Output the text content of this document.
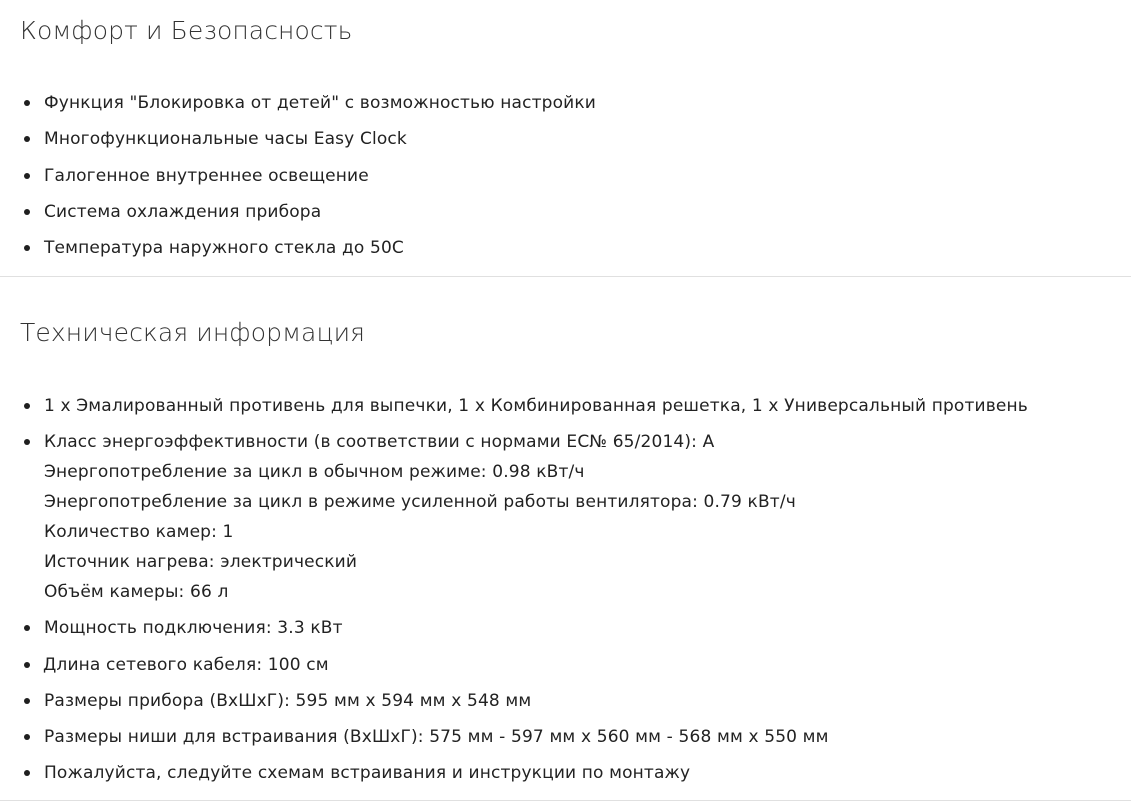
Комфорт и Безопасность
Функция "Блокировка от детей" с возможностью настройки
Многофункциональные часы Easy Clock
Галогенное внутреннее освещение
Система охлаждения прибора
Температура наружного стекла до 50С
Техническая информация
1 х Эмалированный противень для выпечки, 1 х Комбинированная решетка, 1 х Универсальный противень
Класс энергоэффективности (в соответствии с нормами EC№ 65/2014): A
Энергопотребление за цикл в обычном режиме: 0.98 кВт/ч
Энергопотребление за цикл в режиме усиленной работы вентилятора: 0.79 кВт/ч
Количество камер: 1
Источник нагрева: электрический
Объём камеры: 66 л
Мощность подключения: 3.3 кВт
Длина сетевого кабеля: 100 см
Размеры прибора (ВхШхГ): 595 мм x 594 мм x 548 мм
Размеры ниши для встраивания (ВхШхГ): 575 мм - 597 мм x 560 мм - 568 мм x 550 мм
Пожалуйста, следуйте схемам встраивания и инструкции по монтажу
